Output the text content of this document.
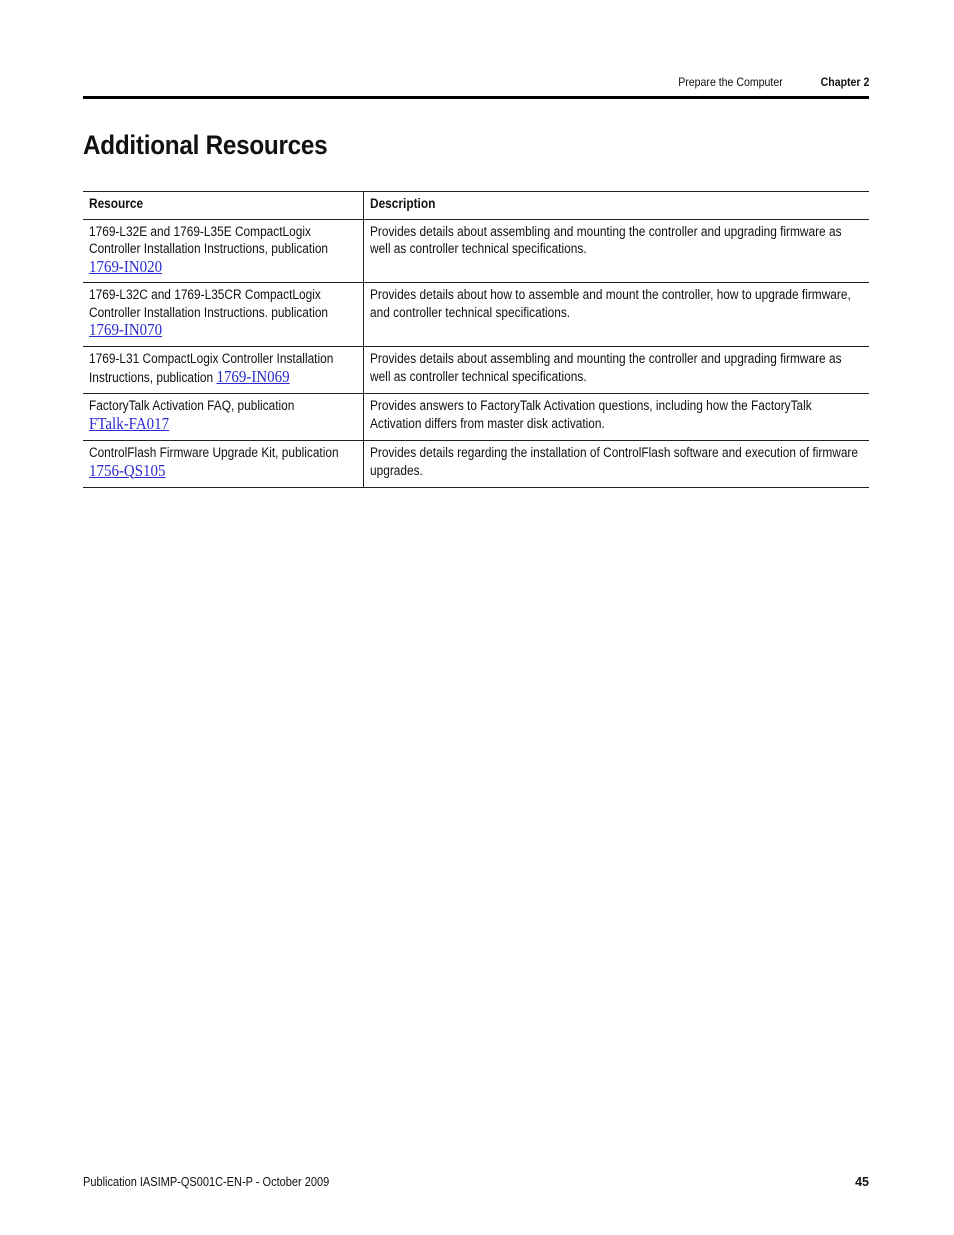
Prepare the Computer	Chapter 2
Additional Resources
Resource	Description
1769-L32E and 1769-L35E CompactLogix Controller Installation Instructions, publication
1769-IN020	Provides details about assembling and mounting the controller and upgrading firmware as well as controller technical specifications.
1769-L32C and 1769-L35CR CompactLogix Controller Installation Instructions. publication
1769-IN070	Provides details about how to assemble and mount the controller, how to upgrade firmware, and controller technical specifications.
1769-L31 CompactLogix Controller Installation Instructions, publication 1769-IN069	Provides details about assembling and mounting the controller and upgrading firmware as well as controller technical specifications.
FactoryTalk Activation FAQ, publication
FTalk-FA017	Provides answers to FactoryTalk Activation questions, including how the FactoryTalk Activation differs from master disk activation.
ControlFlash Firmware Upgrade Kit, publication
1756-QS105	Provides details regarding the installation of ControlFlash software and execution of firmware upgrades.
Publication IASIMP-QS001C-EN-P - October 2009	45
